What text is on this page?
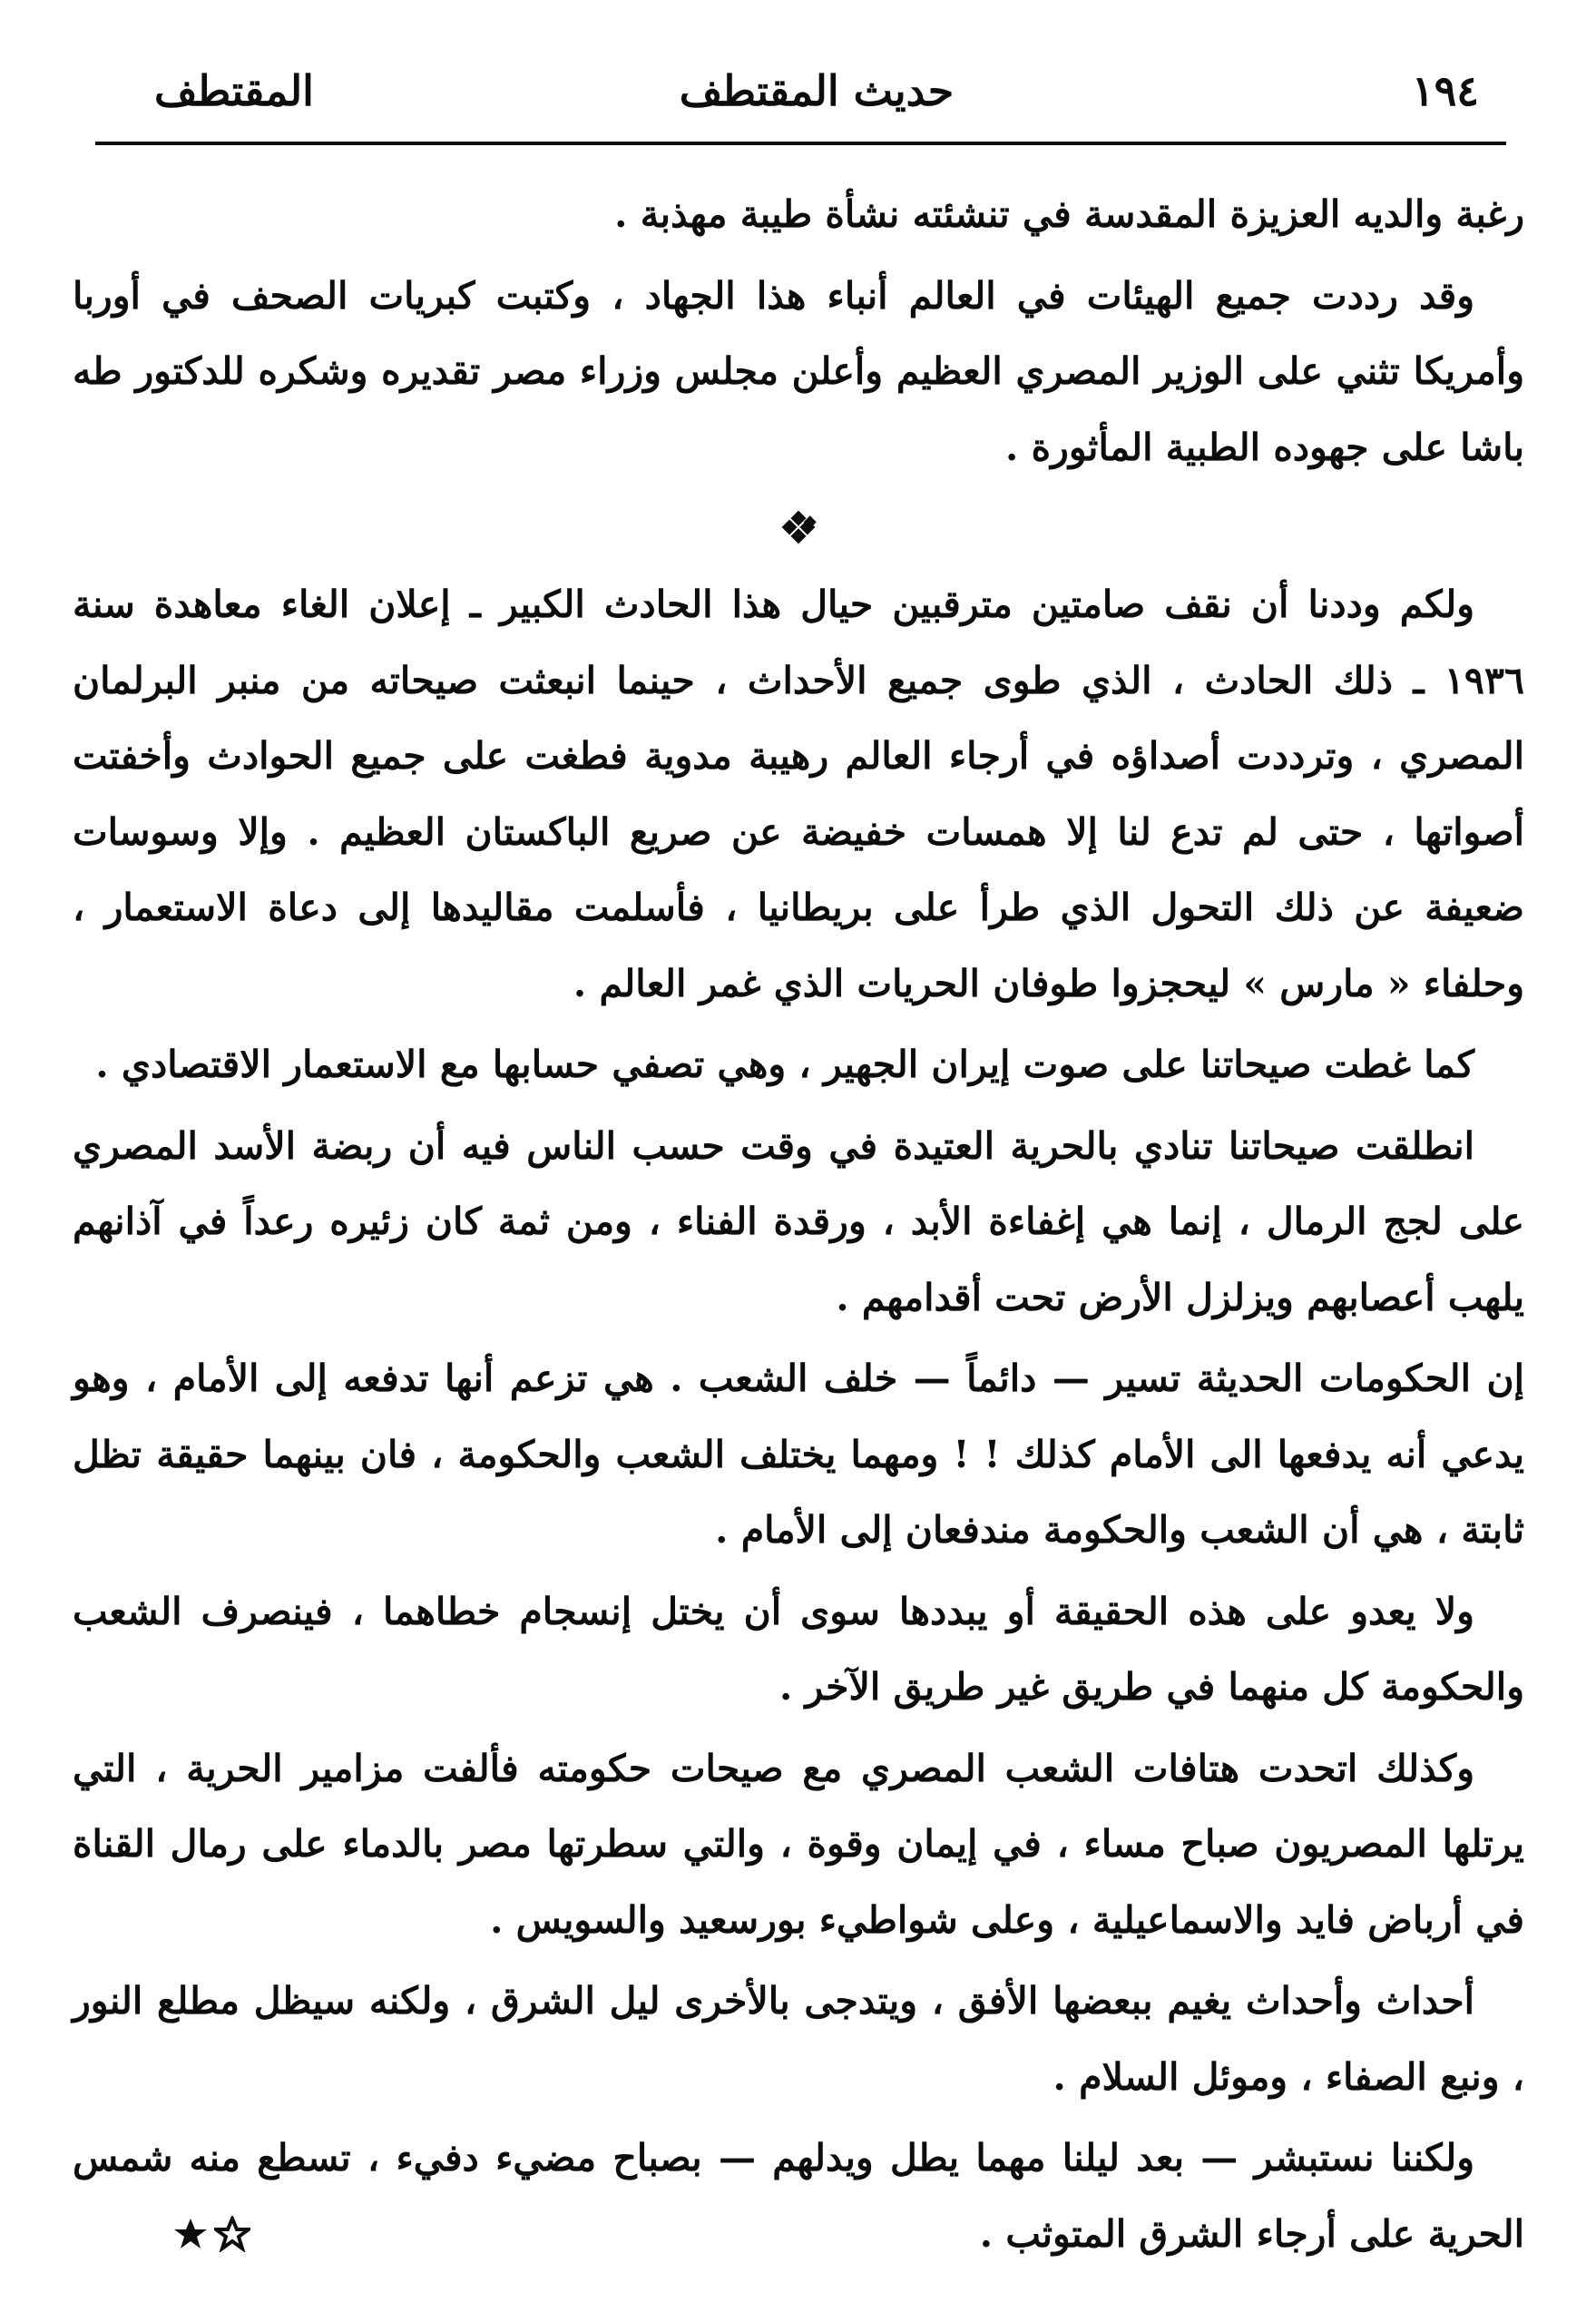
١٩٤
حديث المقتطف
المقتطف

رغبة والديه العزيزة المقدسة في تنشئته نشأة طيبة مهذبة .

وقد رددت جميع الهيئات في العالم أنباء هذا الجهاد ، وكتبت كبريات الصحف في أوربا وأمريكا تثني على الوزير المصري العظيم وأعلن مجلس وزراء مصر تقديره وشكره للدكتور طه باشا على جهوده الطبية المأثورة .

ولكم وددنا أن نقف صامتين مترقبين حيال هذا الحادث الكبير ـ إعلان الغاء معاهدة سنة ١٩٣٦ ـ ذلك الحادث ، الذي طوى جميع الأحداث ، حينما انبعثت صيحاته من منبر البرلمان المصري ، وترددت أصداؤه في أرجاء العالم رهيبة مدوية فطغت على جميع الحوادث وأخفتت أصواتها ، حتى لم تدع لنا إلا همسات خفيضة عن صريع الباكستان العظيم . وإلا وسوسات ضعيفة عن ذلك التحول الذي طرأ على بريطانيا ، فأسلمت مقاليدها إلى دعاة الاستعمار ، وحلفاء « مارس » ليحجزوا طوفان الحريات الذي غمر العالم .

كما غطت صيحاتنا على صوت إيران الجهير ، وهي تصفي حسابها مع الاستعمار الاقتصادي .

انطلقت صيحاتنا تنادي بالحرية العتيدة في وقت حسب الناس فيه أن ربضة الأسد المصري على لجج الرمال ، إنما هي إغفاءة الأبد ، ورقدة الفناء ، ومن ثمة كان زئيره رعداً في آذانهم يلهب أعصابهم ويزلزل الأرض تحت أقدامهم .

إن الحكومات الحديثة تسير — دائماً — خلف الشعب . هي تزعم أنها تدفعه إلى الأمام ، وهو يدعي أنه يدفعها الى الأمام كذلك ! ! ومهما يختلف الشعب والحكومة ، فان بينهما حقيقة تظل ثابتة ، هي أن الشعب والحكومة مندفعان إلى الأمام .

ولا يعدو على هذه الحقيقة أو يبددها سوى أن يختل إنسجام خطاهما ، فينصرف الشعب والحكومة كل منهما في طريق غير طريق الآخر .

وكذلك اتحدت هتافات الشعب المصري مع صيحات حكومته فألفت مزامير الحرية ، التي يرتلها المصريون صباح مساء ، في إيمان وقوة ، والتي سطرتها مصر بالدماء على رمال القناة في أرباض فايد والاسماعيلية ، وعلى شواطيء بورسعيد والسويس .

أحداث وأحداث يغيم ببعضها الأفق ، ويتدجى بالأخرى ليل الشرق ، ولكنه سيظل مطلع النور ، ونبع الصفاء ، وموئل السلام .

ولكننا نستبشر — بعد ليلنا مهما يطل ويدلهم — بصباح مضيء دفيء ، تسطع منه شمس الحرية على أرجاء الشرق المتوثب .
